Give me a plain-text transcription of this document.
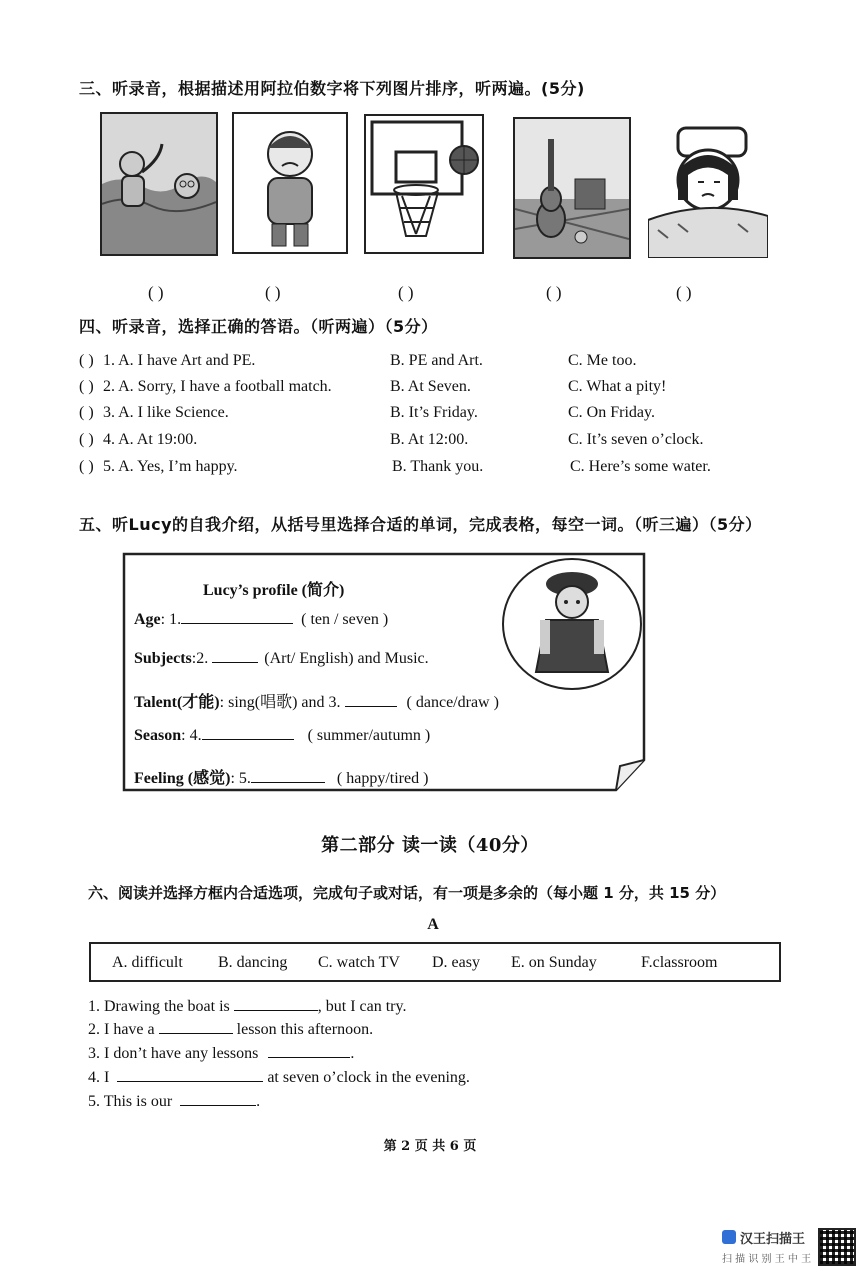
三、听录音，根据描述用阿拉伯数字将下列图片排序，听两遍。(5分)
( )	( )	( )	( )	( )
四、听录音，选择正确的答语。（听两遍）（5分）
( ) 1. A. I have Art and PE.	B. PE and Art.	C. Me too.
( ) 2. A. Sorry, I have a football match.	B. At Seven.	C. What a pity!
( ) 3. A. I like Science.	B. It’s Friday.	C. On Friday.
( ) 4. A. At 19:00.	B. At 12:00.	C. It’s seven o’clock.
( ) 5. A. Yes, I’m happy.	B. Thank you.	C. Here’s some water.
五、听Lucy的自我介绍，从括号里选择合适的单词，完成表格，每空一词。（听三遍）（5分）
Lucy’s profile (简介)
Age: 1.	( ten / seven )
Subjects:2.	(Art/ English) and Music.
Talent(才能): sing(唱歌) and 3.	( dance/draw )
Season: 4.	( summer/autumn )
Feeling (感觉): 5.	( happy/tired )
第二部分 读一读（40分）
六、阅读并选择方框内合适选项，完成句子或对话，有一项是多余的（每小题 1 分，共 15 分）
A
A. difficult B. dancing C. watch TV D. easy E. on Sunday	F.classroom
1. Drawing the boat is	, but I can try.
2. I have a	lesson this afternoon.
3. I don’t have any lessons	.
4. I	at seven o’clock in the evening.
5. This is our	.
第 2 页 共 6 页
汉王扫描王
扫 描 识 别 王 中 王
